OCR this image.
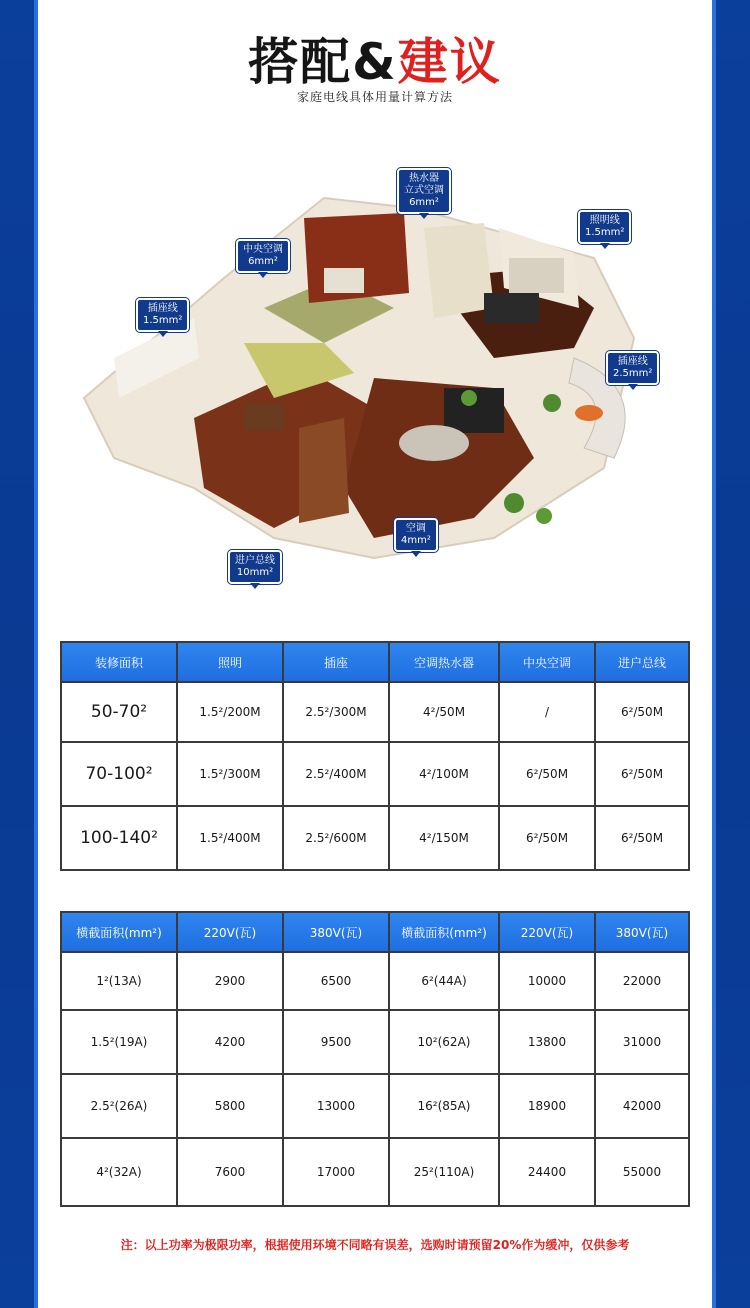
搭配&建议
家庭电线具体用量计算方法
热水器
立式空调
6mm²
中央空调
6mm²
照明线
1.5mm²
插座线
1.5mm²
插座线
2.5mm²
空调
4mm²
进户总线
10mm²
装修面积	照明	插座	空调热水器	中央空调	进户总线
50-70²	1.5²/200M	2.5²/300M	4²/50M	/	6²/50M
70-100²	1.5²/300M	2.5²/400M	4²/100M	6²/50M	6²/50M
100-140²	1.5²/400M	2.5²/600M	4²/150M	6²/50M	6²/50M
横截面积(mm²)	220V(瓦)	380V(瓦)	横截面积(mm²)	220V(瓦)	380V(瓦)
1²(13A)	2900	6500	6²(44A)	10000	22000
1.5²(19A)	4200	9500	10²(62A)	13800	31000
2.5²(26A)	5800	13000	16²(85A)	18900	42000
4²(32A)	7600	17000	25²(110A)	24400	55000
注：以上功率为极限功率，根据使用环境不同略有误差，选购时请预留20%作为缓冲，仅供参考
